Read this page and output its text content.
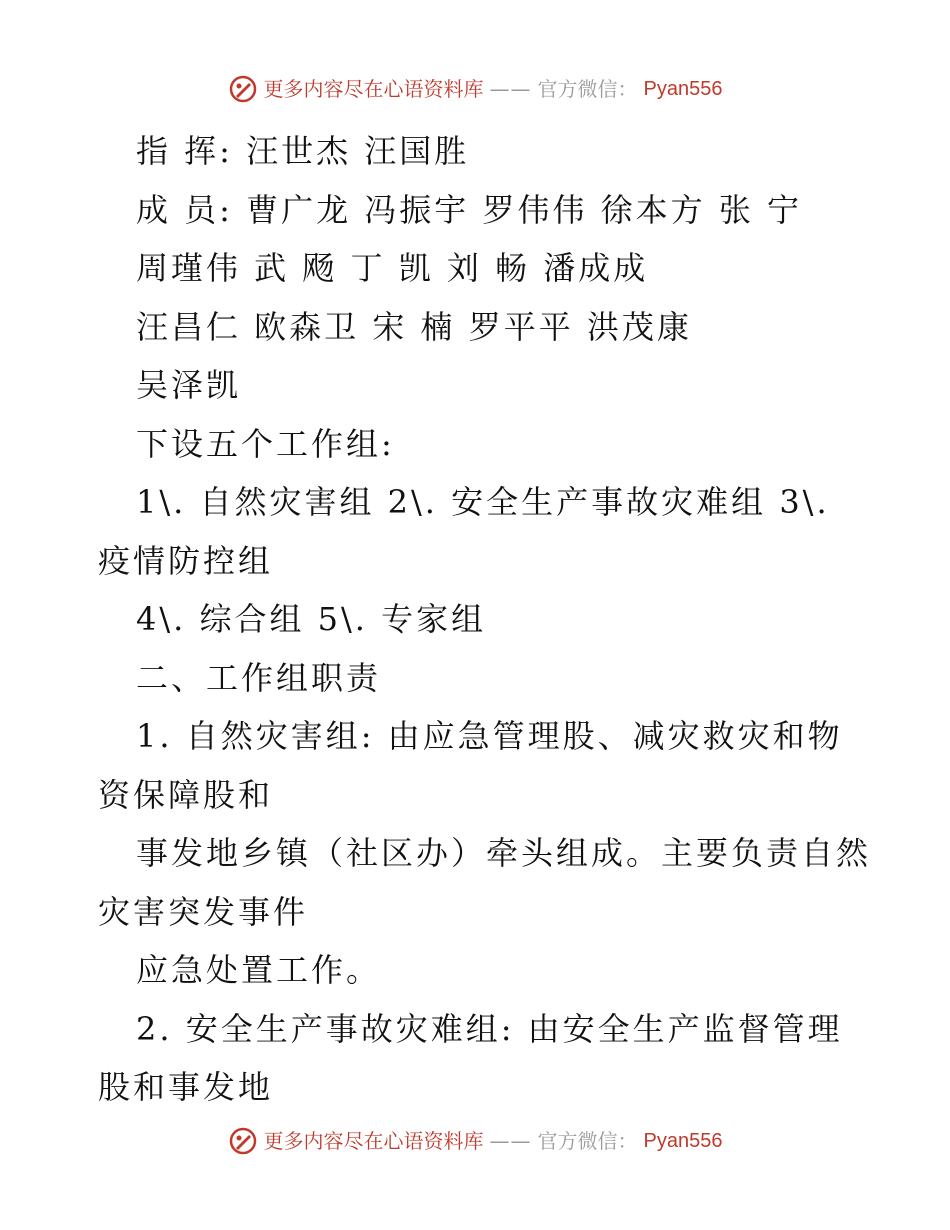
更多内容尽在心语资料库 —— 官方微信： Pyan556
指 挥: 汪世杰 汪国胜
成 员: 曹广龙 冯振宇 罗伟伟 徐本方 张 宁
周瑾伟 武 飏 丁 凯 刘 畅 潘成成
汪昌仁 欧森卫 宋 楠 罗平平 洪茂康
吴泽凯
下设五个工作组:
1\. 自然灾害组 2\. 安全生产事故灾难组 3\.
疫情防控组
4\. 综合组 5\. 专家组
二、工作组职责
1. 自然灾害组: 由应急管理股、减灾救灾和物
资保障股和
事发地乡镇（社区办）牵头组成。主要负责自然
灾害突发事件
应急处置工作。
2. 安全生产事故灾难组: 由安全生产监督管理
股和事发地
更多内容尽在心语资料库 —— 官方微信： Pyan556
